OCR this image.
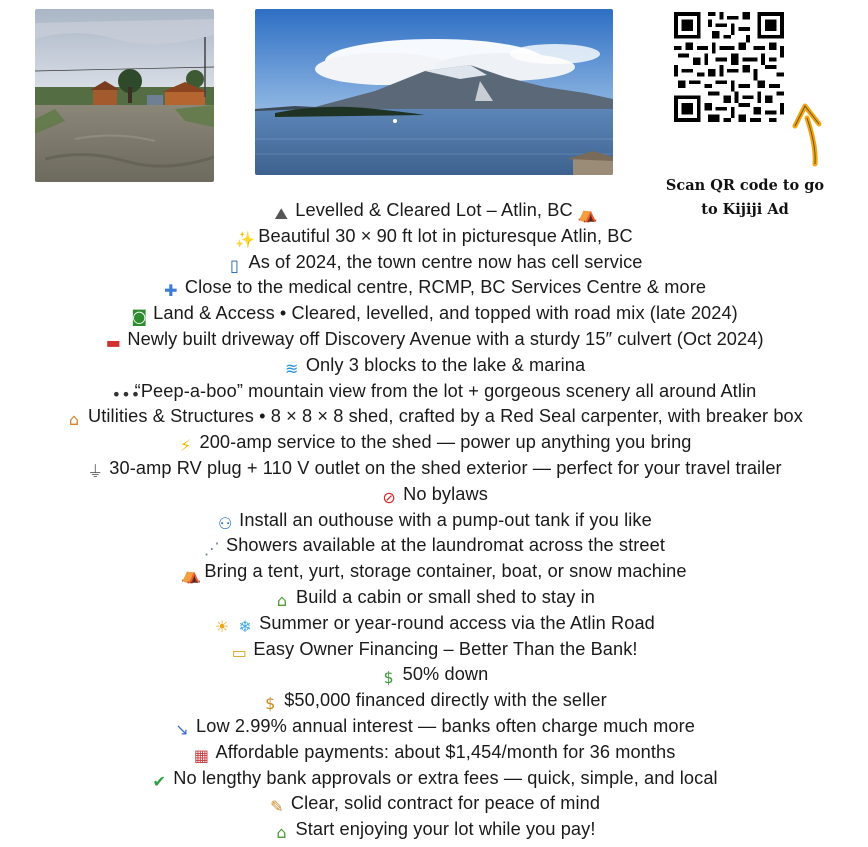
Scan QR code to go
to Kijiji Ad
⛰ Levelled & Cleared Lot – Atlin, BC ⛺
✨ Beautiful 30 × 90 ft lot in picturesque Atlin, BC
▯ As of 2024, the town centre now has cell service
✚ Close to the medical centre, RCMP, BC Services Centre & more
◙ Land & Access • Cleared, levelled, and topped with road mix (late 2024)
▬ Newly built driveway off Discovery Avenue with a sturdy 15″ culvert (Oct 2024)
≋ Only 3 blocks to the lake & marina
•••“Peep-a-boo” mountain view from the lot + gorgeous scenery all around Atlin
⌂ Utilities & Structures • 8 × 8 × 8 shed, crafted by a Red Seal carpenter, with breaker box
⚡ 200-amp service to the shed — power up anything you bring
⏚ 30-amp RV plug + 110 V outlet on the shed exterior — perfect for your travel trailer
⊘ No bylaws
⚇ Install an outhouse with a pump-out tank if you like
⋰ Showers available at the laundromat across the street
⛺ Bring a tent, yurt, storage container, boat, or snow machine
⌂ Build a cabin or small shed to stay in
☀ ❄ Summer or year-round access via the Atlin Road
▭ Easy Owner Financing – Better Than the Bank!
$ 50% down
$ $50,000 financed directly with the seller
↘ Low 2.99% annual interest — banks often charge much more
▦ Affordable payments: about $1,454/month for 36 months
✔ No lengthy bank approvals or extra fees — quick, simple, and local
✎ Clear, solid contract for peace of mind
⌂ Start enjoying your lot while you pay!
